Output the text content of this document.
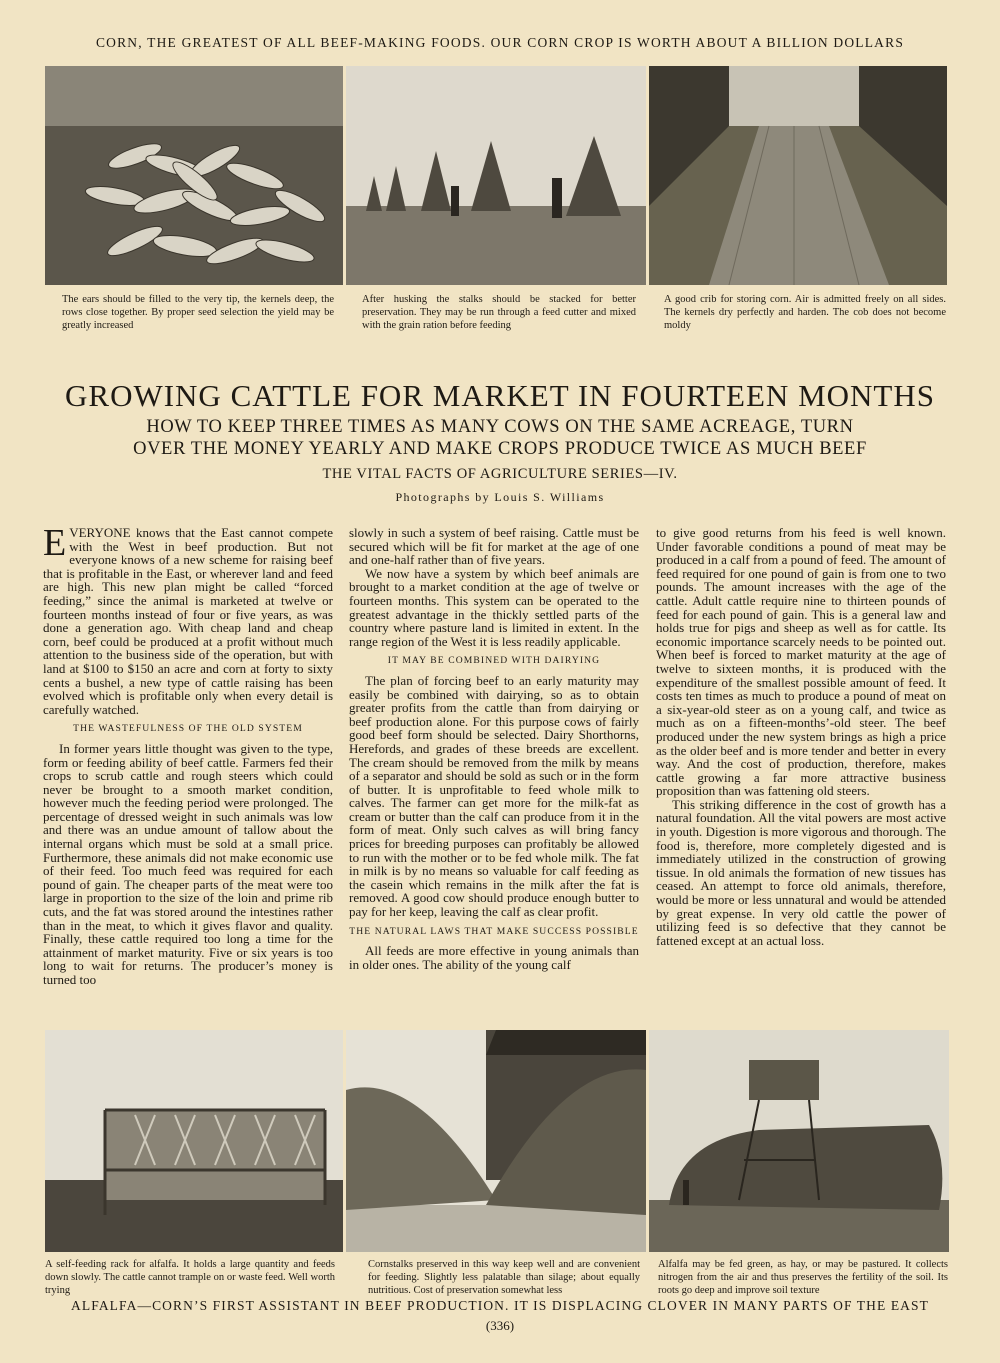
CORN, THE GREATEST OF ALL BEEF-MAKING FOODS. OUR CORN CROP IS WORTH ABOUT A BILLION DOLLARS
The ears should be filled to the very tip, the kernels deep, the rows close together. By proper seed selection the yield may be greatly increased
After husking the stalks should be stacked for better preservation. They may be run through a feed cutter and mixed with the grain ration before feeding
A good crib for storing corn. Air is admitted freely on all sides. The kernels dry perfectly and harden. The cob does not become moldy
GROWING CATTLE FOR MARKET IN FOURTEEN MONTHS
HOW TO KEEP THREE TIMES AS MANY COWS ON THE SAME ACREAGE, TURN
OVER THE MONEY YEARLY AND MAKE CROPS PRODUCE TWICE AS MUCH BEEF
THE VITAL FACTS OF AGRICULTURE SERIES—IV.
Photographs by Louis S. Williams

EVERYONE knows that the East cannot compete with the West in beef production. But not everyone knows of a new scheme for raising beef that is profitable in the East, or wherever land and feed are high. This new plan might be called “forced feeding,” since the animal is marketed at twelve or fourteen months instead of four or five years, as was done a generation ago. With cheap land and cheap corn, beef could be produced at a profit without much attention to the business side of the operation, but with land at $100 to $150 an acre and corn at forty to sixty cents a bushel, a new type of cattle raising has been evolved which is profitable only when every detail is carefully watched.

THE WASTEFULNESS OF THE OLD SYSTEM

In former years little thought was given to the type, form or feeding ability of beef cattle. Farmers fed their crops to scrub cattle and rough steers which could never be brought to a smooth market condition, however much the feeding period were prolonged. The percentage of dressed weight in such animals was low and there was an undue amount of tallow about the internal organs which must be sold at a small price. Furthermore, these animals did not make economic use of their feed. Too much feed was required for each pound of gain. The cheaper parts of the meat were too large in proportion to the size of the loin and prime rib cuts, and the fat was stored around the intestines rather than in the meat, to which it gives flavor and quality. Finally, these cattle required too long a time for the attainment of market maturity. Five or six years is too long to wait for returns. The producer’s money is turned too

slowly in such a system of beef raising. Cattle must be secured which will be fit for market at the age of one and one-half rather than of five years.

We now have a system by which beef animals are brought to a market condition at the age of twelve or fourteen months. This system can be operated to the greatest advantage in the thickly settled parts of the country where pasture land is limited in extent. In the range region of the West it is less readily applicable.

IT MAY BE COMBINED WITH DAIRYING

The plan of forcing beef to an early maturity may easily be combined with dairying, so as to obtain greater profits from the cattle than from dairying or beef production alone. For this purpose cows of fairly good beef form should be selected. Dairy Shorthorns, Herefords, and grades of these breeds are excellent. The cream should be removed from the milk by means of a separator and should be sold as such or in the form of butter. It is unprofitable to feed whole milk to calves. The farmer can get more for the milk-fat as cream or butter than the calf can produce from it in the form of meat. Only such calves as will bring fancy prices for breeding purposes can profitably be allowed to run with the mother or to be fed whole milk. The fat in milk is by no means so valuable for calf feeding as the casein which remains in the milk after the fat is removed. A good cow should produce enough butter to pay for her keep, leaving the calf as clear profit.

THE NATURAL LAWS THAT MAKE SUCCESS POSSIBLE

All feeds are more effective in young animals than in older ones. The ability of the young calf

to give good returns from his feed is well known. Under favorable conditions a pound of meat may be produced in a calf from a pound of feed. The amount of feed required for one pound of gain is from one to two pounds. The amount increases with the age of the cattle. Adult cattle require nine to thirteen pounds of feed for each pound of gain. This is a general law and holds true for pigs and sheep as well as for cattle. Its economic importance scarcely needs to be pointed out. When beef is forced to market maturity at the age of twelve to sixteen months, it is produced with the expenditure of the smallest possible amount of feed. It costs ten times as much to produce a pound of meat on a six-year-old steer as on a young calf, and twice as much as on a fifteen-months’-old steer. The beef produced under the new system brings as high a price as the older beef and is more tender and better in every way. And the cost of production, therefore, makes cattle growing a far more attractive business proposition than was fattening old steers.

This striking difference in the cost of growth has a natural foundation. All the vital powers are most active in youth. Digestion is more vigorous and thorough. The food is, therefore, more completely digested and is immediately utilized in the construction of growing tissue. In old animals the formation of new tissues has ceased. An attempt to force old animals, therefore, would be more or less unnatural and would be attended by great expense. In very old cattle the power of utilizing feed is so defective that they cannot be fattened except at an actual loss.

A self-feeding rack for alfalfa. It holds a large quantity and feeds down slowly. The cattle cannot trample on or waste feed. Well worth trying
Cornstalks preserved in this way keep well and are convenient for feeding. Slightly less palatable than silage; about equally nutritious. Cost of preservation somewhat less
Alfalfa may be fed green, as hay, or may be pastured. It collects nitrogen from the air and thus preserves the fertility of the soil. Its roots go deep and improve soil texture
ALFALFA—CORN’S FIRST ASSISTANT IN BEEF PRODUCTION. IT IS DISPLACING CLOVER IN MANY PARTS OF THE EAST
(336)
